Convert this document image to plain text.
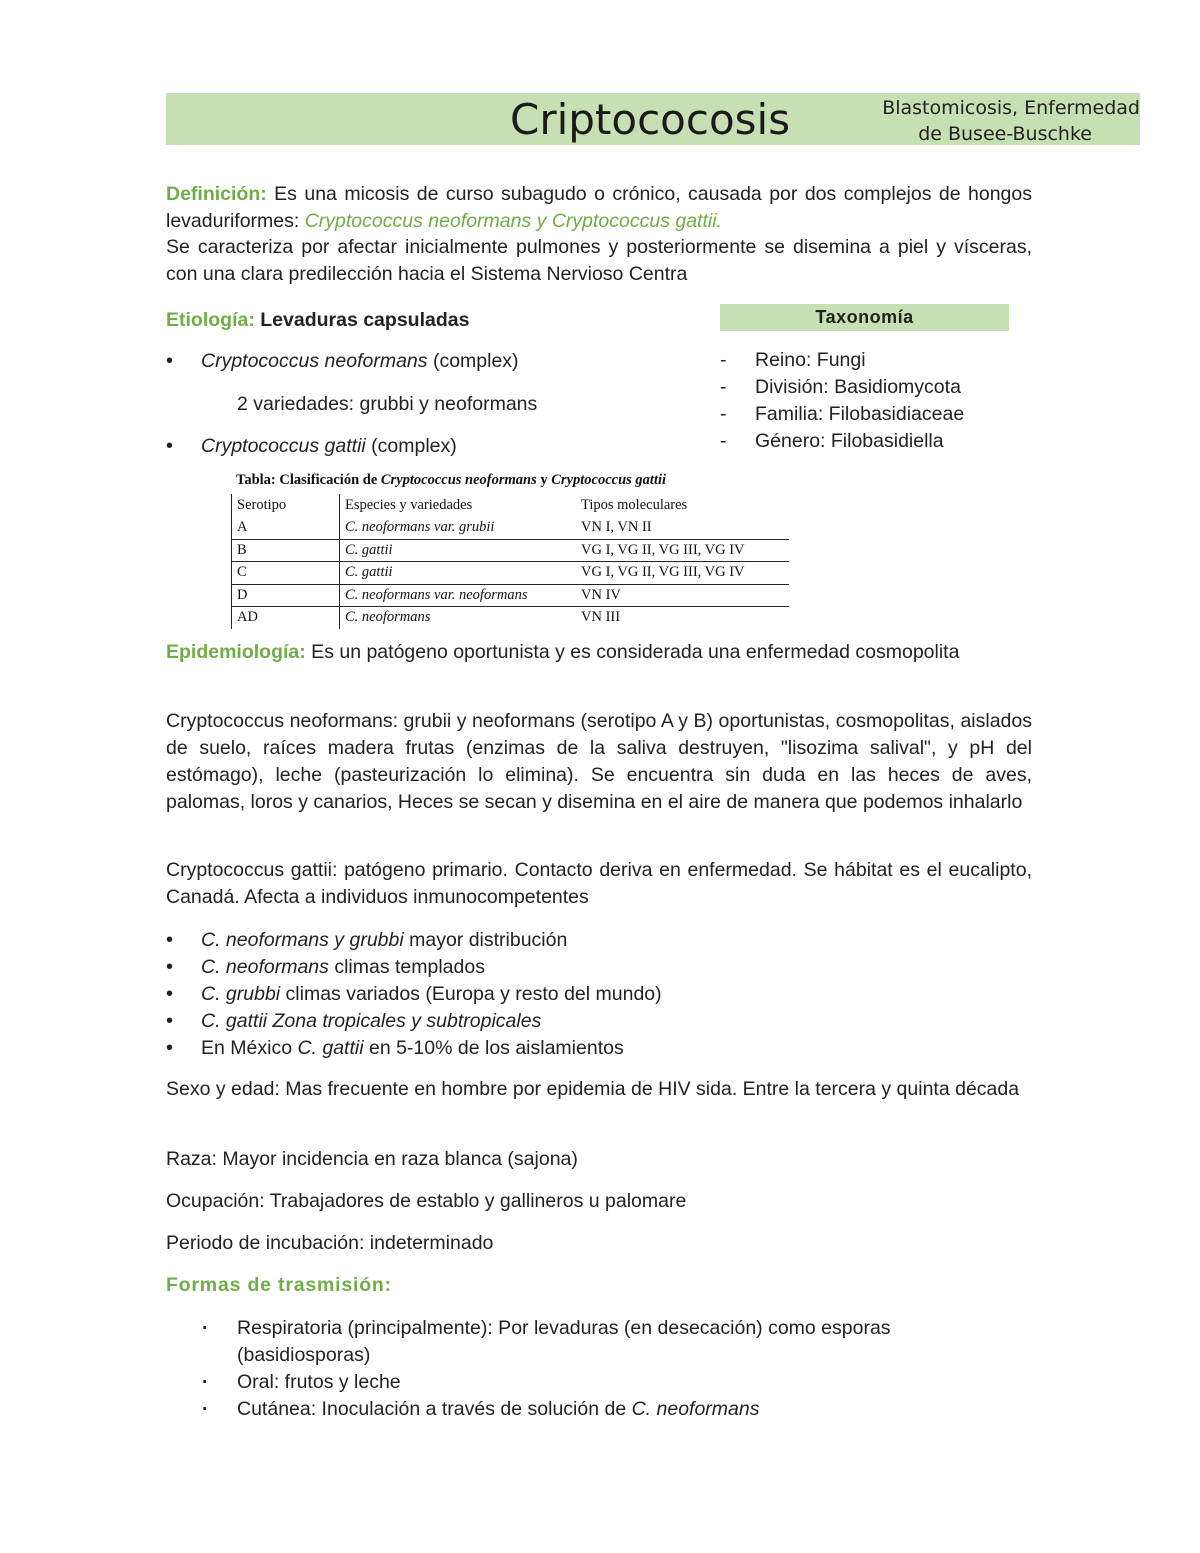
Criptococosis	Blastomicosis, Enfermedad
de Busee-Buschke
Definición: Es una micosis de curso subagudo o crónico, causada por dos complejos de hongos levaduriformes: Cryptococcus neoformans y Cryptococcus gattii.
Se caracteriza por afectar inicialmente pulmones y posteriormente se disemina a piel y vísceras, con una clara predilección hacia el Sistema Nervioso Centra
Etiología: Levaduras capsuladas
• Cryptococcus neoformans (complex)
2 variedades: grubbi y neoformans
• Cryptococcus gattii (complex)
Taxonomía
- Reino: Fungi
- División: Basidiomycota
- Familia: Filobasidiaceae
- Género: Filobasidiella
Tabla: Clasificación de Cryptococcus neoformans y Cryptococcus gattii
Serotipo	Especies y variedades	Tipos moleculares
A	C. neoformans var. grubii	VN I, VN II
B	C. gattii	VG I, VG II, VG III, VG IV
C	C. gattii	VG I, VG II, VG III, VG IV
D	C. neoformans var. neoformans	VN IV
AD	C. neoformans	VN III
Epidemiología: Es un patógeno oportunista y es considerada una enfermedad cosmopolita
Cryptococcus neoformans: grubii y neoformans (serotipo A y B) oportunistas, cosmopolitas, aislados de suelo, raíces madera frutas (enzimas de la saliva destruyen, "lisozima salival", y pH del estómago), leche (pasteurización lo elimina). Se encuentra sin duda en las heces de aves, palomas, loros y canarios, Heces se secan y disemina en el aire de manera que podemos inhalarlo
Cryptococcus gattii: patógeno primario. Contacto deriva en enfermedad. Se hábitat es el eucalipto, Canadá. Afecta a individuos inmunocompetentes
• C. neoformans y grubbi mayor distribución
• C. neoformans climas templados
• C. grubbi climas variados (Europa y resto del mundo)
• C. gattii Zona tropicales y subtropicales
• En México C. gattii en 5-10% de los aislamientos
Sexo y edad: Mas frecuente en hombre por epidemia de HIV sida. Entre la tercera y quinta década
Raza: Mayor incidencia en raza blanca (sajona)
Ocupación: Trabajadores de establo y gallineros u palomare
Periodo de incubación: indeterminado
Formas de trasmisión:
· Respiratoria (principalmente): Por levaduras (en desecación) como esporas (basidiosporas)
· Oral: frutos y leche
· Cutánea: Inoculación a través de solución de C. neoformans
